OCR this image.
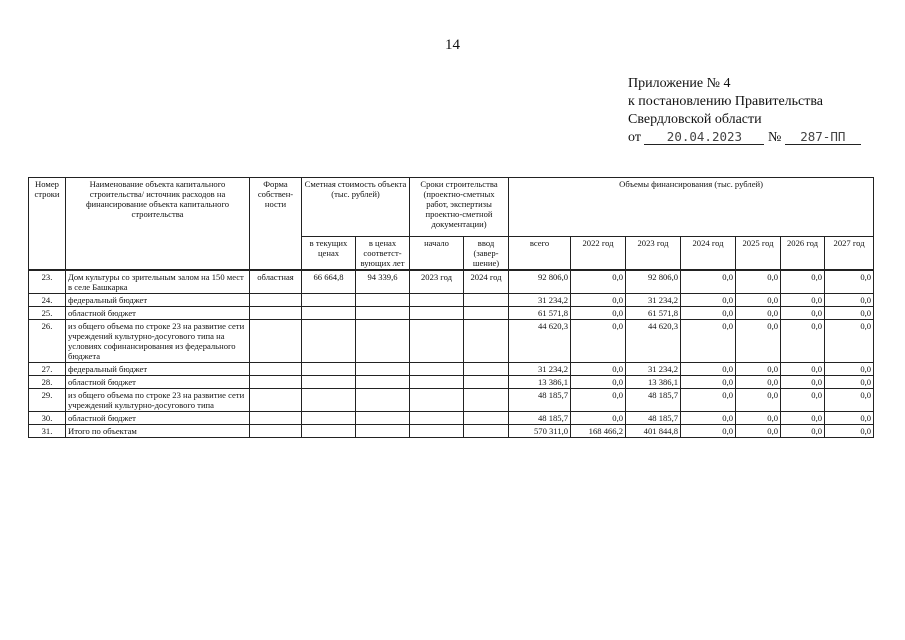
14
Приложение № 4
к постановлению Правительства
Свердловской области
от 20.04.2023 № 287-ПП
Номер строки	Наименование объекта капитального строительства/ источник расходов на финансирование объекта капитального строительства	Форма собствен-ности	Сметная стоимость объекта (тыс. рублей)		Сроки строительства (проектно-сметных работ, экспертизы проектно-сметной документации)		Объемы финансирования (тыс. рублей)						
			в текущих ценах	в ценах соответст-вующих лет	начало	ввод (завер-шение)	всего	2022 год	2023 год	2024 год	2025 год	2026 год	2027 год
23.	Дом культуры со зрительным залом на 150 мест в селе Башкарка	областная	66 664,8	94 339,6	2023 год	2024 год	92 806,0	0,0	92 806,0	0,0	0,0	0,0	0,0
24.	федеральный бюджет						31 234,2	0,0	31 234,2	0,0	0,0	0,0	0,0
25.	областной бюджет						61 571,8	0,0	61 571,8	0,0	0,0	0,0	0,0
26.	из общего объема по строке 23 на развитие сети учреждений культурно-досугового типа на условиях софинансирования из федерального бюджета						44 620,3	0,0	44 620,3	0,0	0,0	0,0	0,0
27.	федеральный бюджет						31 234,2	0,0	31 234,2	0,0	0,0	0,0	0,0
28.	областной бюджет						13 386,1	0,0	13 386,1	0,0	0,0	0,0	0,0
29.	из общего объема по строке 23 на развитие сети учреждений культурно-досугового типа						48 185,7	0,0	48 185,7	0,0	0,0	0,0	0,0
30.	областной бюджет						48 185,7	0,0	48 185,7	0,0	0,0	0,0	0,0
31.	Итого по объектам						570 311,0	168 466,2	401 844,8	0,0	0,0	0,0	0,0
